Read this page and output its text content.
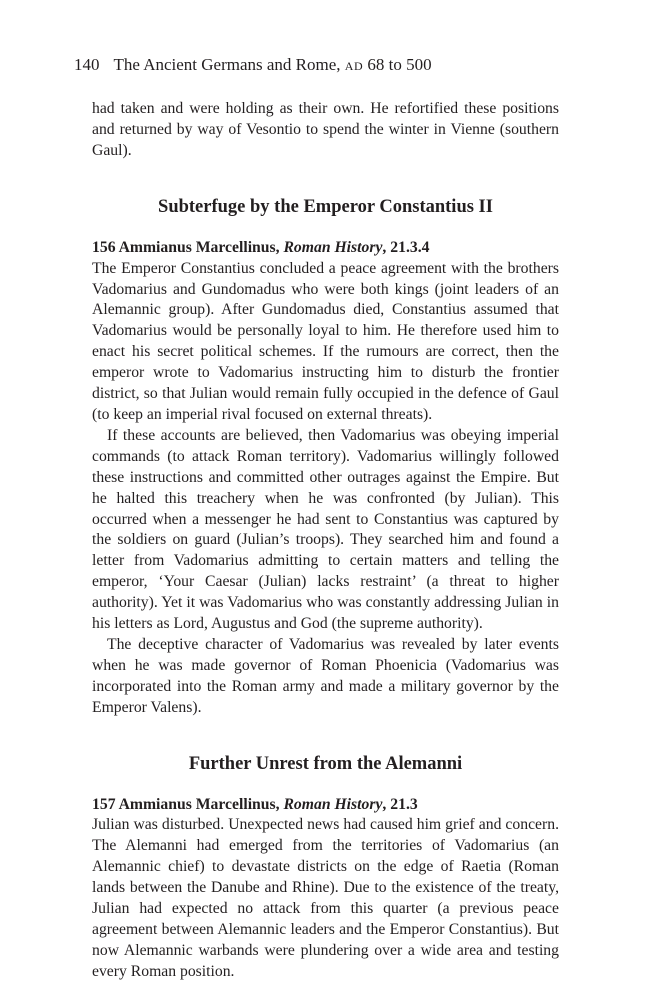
140 The Ancient Germans and Rome, AD 68 to 500

had taken and were holding as their own. He refortified these positions and returned by way of Vesontio to spend the winter in Vienne (southern Gaul).

Subterfuge by the Emperor Constantius II

156 Ammianus Marcellinus, Roman History, 21.3.4

The Emperor Constantius concluded a peace agreement with the brothers Vadomarius and Gundomadus who were both kings (joint leaders of an Alemannic group). After Gundomadus died, Constantius assumed that Vadomarius would be personally loyal to him. He therefore used him to enact his secret political schemes. If the rumours are correct, then the emperor wrote to Vadomarius instructing him to disturb the frontier district, so that Julian would remain fully occupied in the defence of Gaul (to keep an imperial rival focused on external threats).

If these accounts are believed, then Vadomarius was obeying imperial commands (to attack Roman territory). Vadomarius willingly followed these instructions and committed other outrages against the Empire. But he halted this treachery when he was confronted (by Julian). This occurred when a messenger he had sent to Constantius was captured by the soldiers on guard (Julian’s troops). They searched him and found a letter from Vadomarius admitting to certain matters and telling the emperor, ‘Your Caesar (Julian) lacks restraint’ (a threat to higher authority). Yet it was Vadomarius who was constantly addressing Julian in his letters as Lord, Augustus and God (the supreme authority).

The deceptive character of Vadomarius was revealed by later events when he was made governor of Roman Phoenicia (Vadomarius was incorporated into the Roman army and made a military governor by the Emperor Valens).

Further Unrest from the Alemanni

157 Ammianus Marcellinus, Roman History, 21.3

Julian was disturbed. Unexpected news had caused him grief and concern. The Alemanni had emerged from the territories of Vadomarius (an Alemannic chief) to devastate districts on the edge of Raetia (Roman lands between the Danube and Rhine). Due to the existence of the treaty, Julian had expected no attack from this quarter (a previous peace agreement between Alemannic leaders and the Emperor Constantius). But now Alemannic warbands were plundering over a wide area and testing every Roman position.
